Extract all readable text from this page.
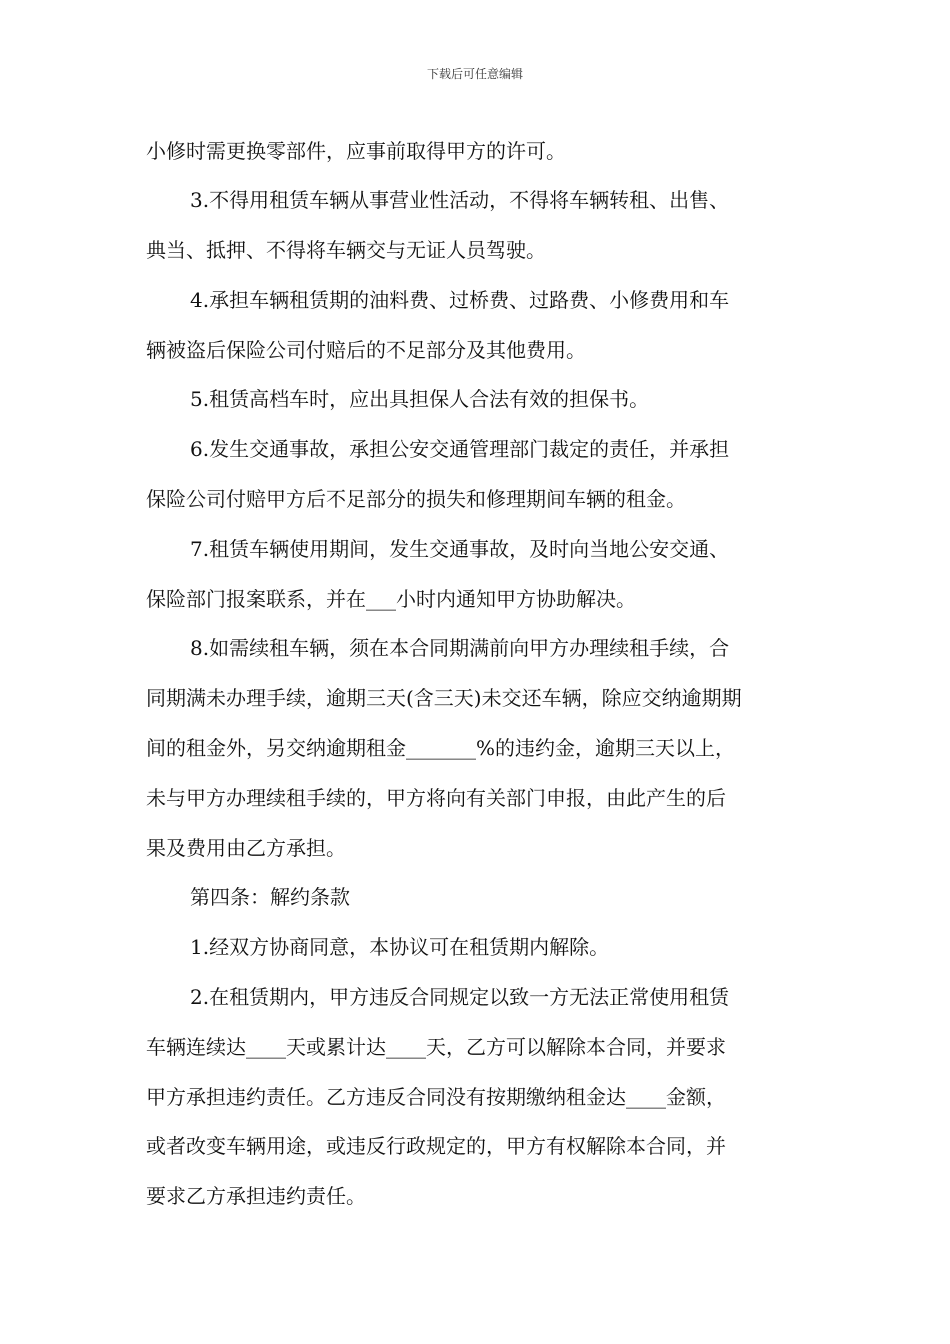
下载后可任意编辑
小修时需更换零部件，应事前取得甲方的许可。
3.不得用租赁车辆从事营业性活动，不得将车辆转租、出售、
典当、抵押、不得将车辆交与无证人员驾驶。
4.承担车辆租赁期的油料费、过桥费、过路费、小修费用和车
辆被盗后保险公司付赔后的不足部分及其他费用。
5.租赁高档车时，应出具担保人合法有效的担保书。
6.发生交通事故，承担公安交通管理部门裁定的责任，并承担
保险公司付赔甲方后不足部分的损失和修理期间车辆的租金。
7.租赁车辆使用期间，发生交通事故，及时向当地公安交通、
保险部门报案联系，并在___小时内通知甲方协助解决。
8.如需续租车辆，须在本合同期满前向甲方办理续租手续，合
同期满未办理手续，逾期三天(含三天)未交还车辆，除应交纳逾期期
间的租金外，另交纳逾期租金_______%的违约金，逾期三天以上，
未与甲方办理续租手续的，甲方将向有关部门申报，由此产生的后
果及费用由乙方承担。
第四条：解约条款
1.经双方协商同意，本协议可在租赁期内解除。
2.在租赁期内，甲方违反合同规定以致一方无法正常使用租赁
车辆连续达____天或累计达____天，乙方可以解除本合同，并要求
甲方承担违约责任。乙方违反合同没有按期缴纳租金达____金额，
或者改变车辆用途，或违反行政规定的，甲方有权解除本合同，并
要求乙方承担违约责任。
